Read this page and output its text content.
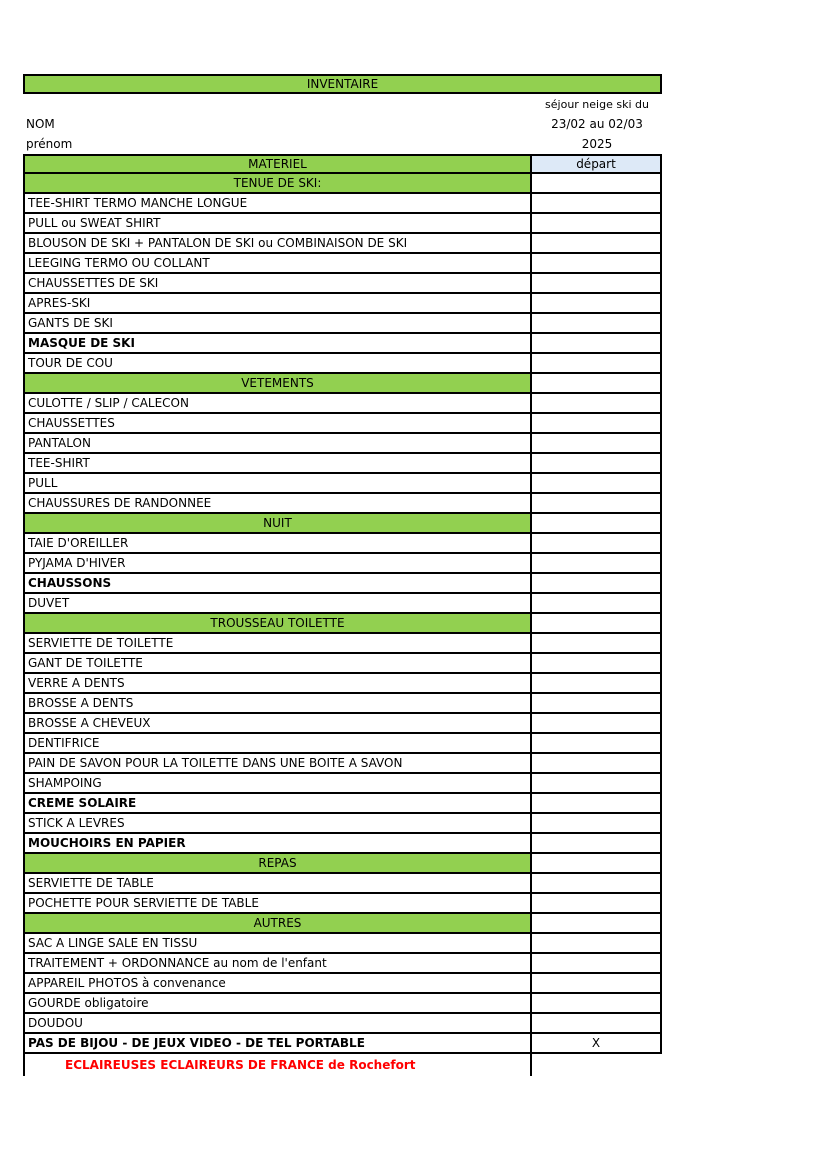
INVENTAIRE
séjour neige ski du
NOM	23/02 au 02/03
prénom	2025
MATERIEL	départ
TENUE DE SKI:
TEE-SHIRT TERMO MANCHE LONGUE
PULL ou SWEAT SHIRT
BLOUSON DE SKI + PANTALON DE SKI ou COMBINAISON DE SKI
LEEGING TERMO OU COLLANT
CHAUSSETTES DE SKI
APRES-SKI
GANTS DE SKI
MASQUE DE SKI
TOUR DE COU
VETEMENTS
CULOTTE / SLIP / CALECON
CHAUSSETTES
PANTALON
TEE-SHIRT
PULL
CHAUSSURES DE RANDONNEE
NUIT
TAIE D'OREILLER
PYJAMA D'HIVER
CHAUSSONS
DUVET
TROUSSEAU TOILETTE
SERVIETTE DE TOILETTE
GANT DE TOILETTE
VERRE A DENTS
BROSSE A DENTS
BROSSE A CHEVEUX
DENTIFRICE
PAIN DE SAVON POUR LA TOILETTE DANS UNE BOITE A SAVON
SHAMPOING
CREME SOLAIRE
STICK A LEVRES
MOUCHOIRS EN PAPIER
REPAS
SERVIETTE DE TABLE
POCHETTE POUR SERVIETTE DE TABLE
AUTRES
SAC A LINGE SALE EN TISSU
TRAITEMENT + ORDONNANCE au nom de l'enfant
APPAREIL PHOTOS à convenance
GOURDE obligatoire
DOUDOU
PAS DE BIJOU - DE JEUX VIDEO - DE TEL PORTABLE	X
ECLAIREUSES ECLAIREURS DE FRANCE de Rochefort
